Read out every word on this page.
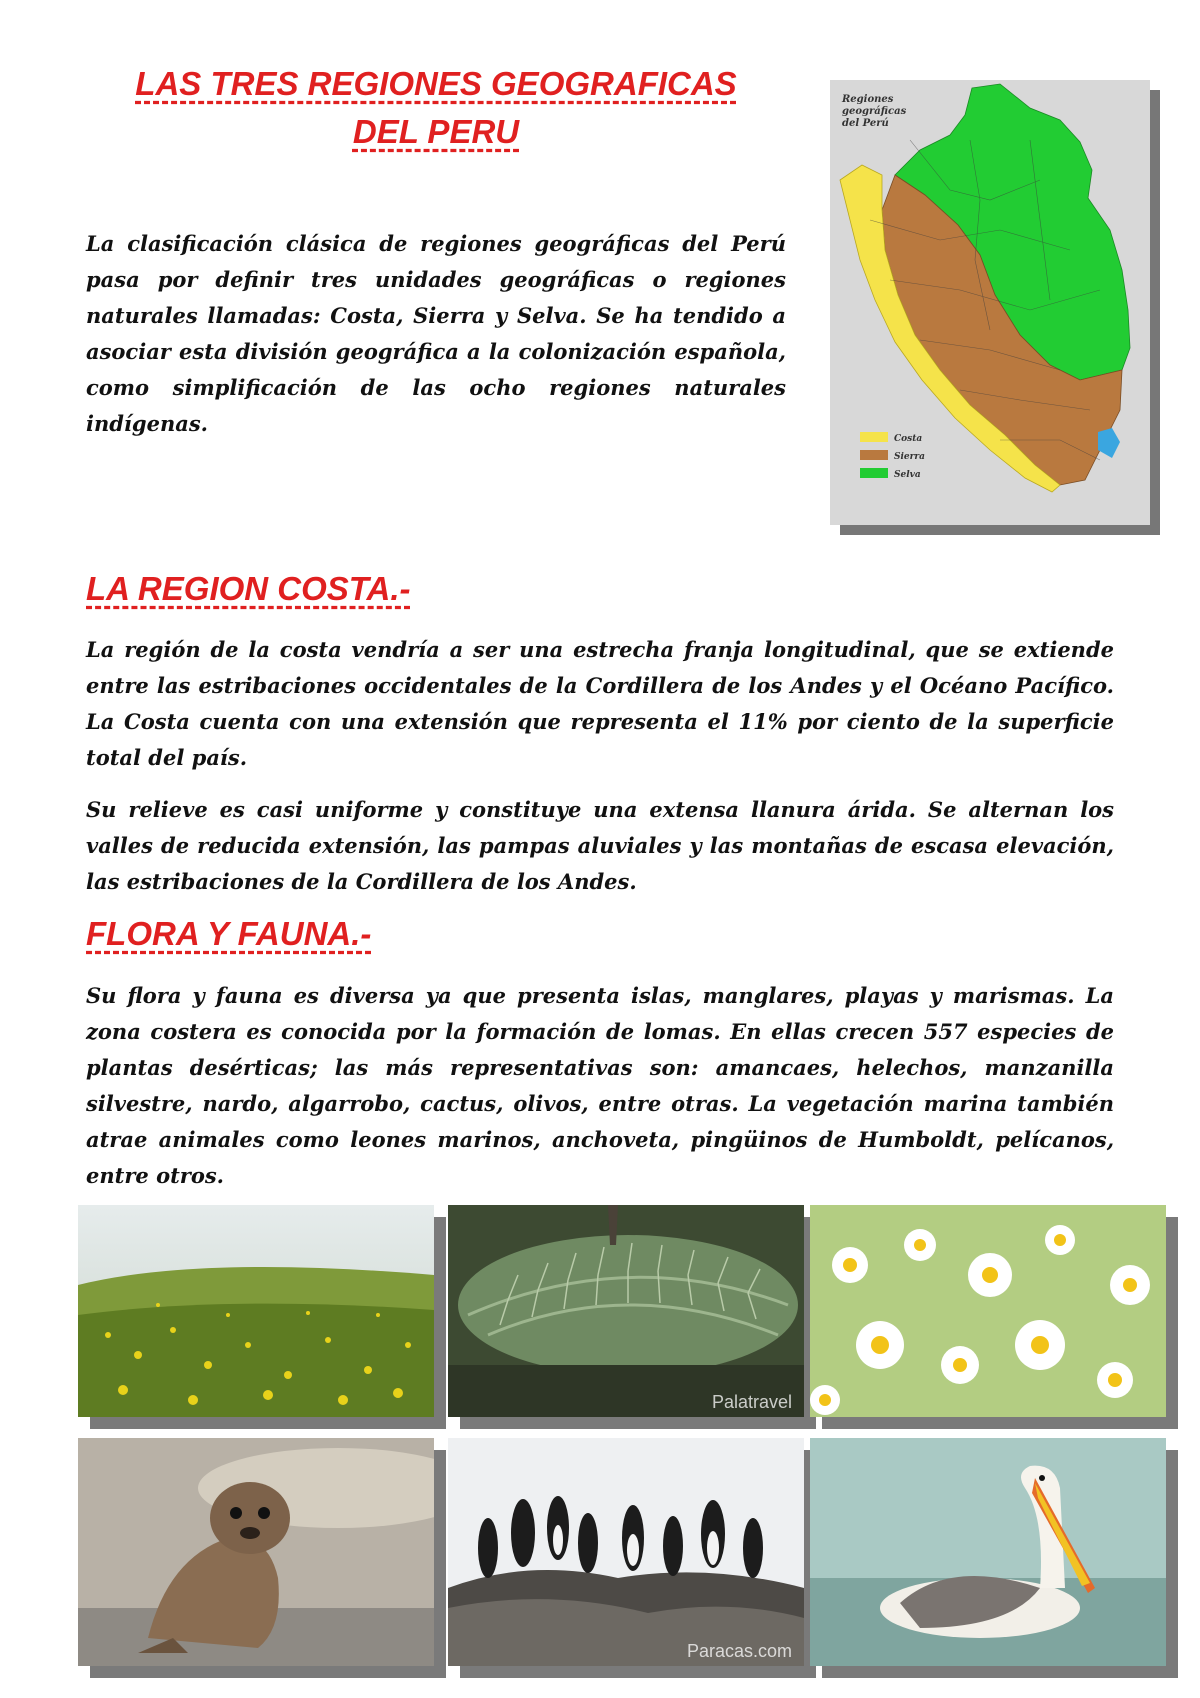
LAS TRES REGIONES GEOGRAFICAS
DEL PERU

La clasificación clásica de regiones geográficas del Perú pasa por definir tres unidades geográficas o regiones naturales llamadas: Costa, Sierra y Selva. Se ha tendido a asociar esta división geográfica a la colonización española, como simplificación de las ocho regiones naturales indígenas.

Regiones
geográficas
del Perú
Costa
Sierra
Selva
LA REGION COSTA.-

La región de la costa vendría a ser una estrecha franja longitudinal, que se extiende entre las estribaciones occidentales de la Cordillera de los Andes y el Océano Pacífico. La Costa cuenta con una extensión que representa el 11% por ciento de la superficie total del país.

Su relieve es casi uniforme y constituye una extensa llanura árida. Se alternan los valles de reducida extensión, las pampas aluviales y las montañas de escasa elevación, las estribaciones de la Cordillera de los Andes.

FLORA Y FAUNA.-

Su flora y fauna es diversa ya que presenta islas, manglares, playas y marismas. La zona costera es conocida por la formación de lomas. En ellas crecen 557 especies de plantas desérticas; las más representativas son: amancaes, helechos, manzanilla silvestre, nardo, algarrobo, cactus, olivos, entre otras. La vegetación marina también atrae animales como leones marinos, anchoveta, pingüinos de Humboldt, pelícanos, entre otros.

Palatravel
Paracas.com
